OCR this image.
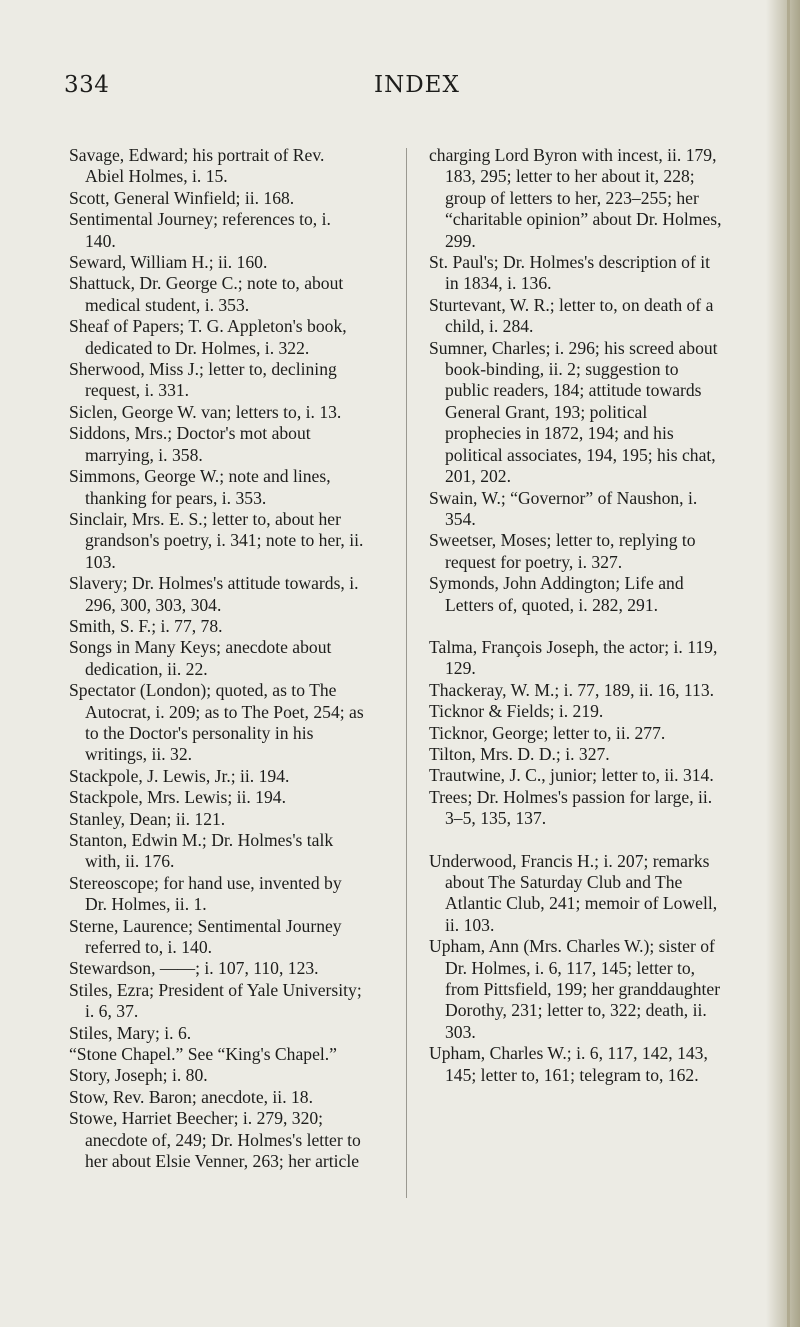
334	INDEX
Savage, Edward; his portrait of Rev. Abiel Holmes, i. 15.
Scott, General Winfield; ii. 168.
Sentimental Journey; references to, i. 140.
Seward, William H.; ii. 160.
Shattuck, Dr. George C.; note to, about medical student, i. 353.
Sheaf of Papers; T. G. Appleton's book, dedicated to Dr. Holmes, i. 322.
Sherwood, Miss J.; letter to, declining request, i. 331.
Siclen, George W. van; letters to, i. 13.
Siddons, Mrs.; Doctor's mot about marrying, i. 358.
Simmons, George W.; note and lines, thanking for pears, i. 353.
Sinclair, Mrs. E. S.; letter to, about her grandson's poetry, i. 341; note to her, ii. 103.
Slavery; Dr. Holmes's attitude towards, i. 296, 300, 303, 304.
Smith, S. F.; i. 77, 78.
Songs in Many Keys; anecdote about dedication, ii. 22.
Spectator (London); quoted, as to The Autocrat, i. 209; as to The Poet, 254; as to the Doctor's personality in his writings, ii. 32.
Stackpole, J. Lewis, Jr.; ii. 194.
Stackpole, Mrs. Lewis; ii. 194.
Stanley, Dean; ii. 121.
Stanton, Edwin M.; Dr. Holmes's talk with, ii. 176.
Stereoscope; for hand use, invented by Dr. Holmes, ii. 1.
Sterne, Laurence; Sentimental Journey referred to, i. 140.
Stewardson, ——; i. 107, 110, 123.
Stiles, Ezra; President of Yale University; i. 6, 37.
Stiles, Mary; i. 6.
“Stone Chapel.” See “King's Chapel.”
Story, Joseph; i. 80.
Stow, Rev. Baron; anecdote, ii. 18.
Stowe, Harriet Beecher; i. 279, 320; anecdote of, 249; Dr. Holmes's letter to her about Elsie Venner, 263; her article
charging Lord Byron with incest, ii. 179, 183, 295; letter to her about it, 228; group of letters to her, 223–255; her “charitable opinion” about Dr. Holmes, 299.
St. Paul's; Dr. Holmes's description of it in 1834, i. 136.
Sturtevant, W. R.; letter to, on death of a child, i. 284.
Sumner, Charles; i. 296; his screed about book-binding, ii. 2; suggestion to public readers, 184; attitude towards General Grant, 193; political prophecies in 1872, 194; and his political associates, 194, 195; his chat, 201, 202.
Swain, W.; “Governor” of Naushon, i. 354.
Sweetser, Moses; letter to, replying to request for poetry, i. 327.
Symonds, John Addington; Life and Letters of, quoted, i. 282, 291.
Talma, François Joseph, the actor; i. 119, 129.
Thackeray, W. M.; i. 77, 189, ii. 16, 113.
Ticknor & Fields; i. 219.
Ticknor, George; letter to, ii. 277.
Tilton, Mrs. D. D.; i. 327.
Trautwine, J. C., junior; letter to, ii. 314.
Trees; Dr. Holmes's passion for large, ii. 3–5, 135, 137.
Underwood, Francis H.; i. 207; remarks about The Saturday Club and The Atlantic Club, 241; memoir of Lowell, ii. 103.
Upham, Ann (Mrs. Charles W.); sister of Dr. Holmes, i. 6, 117, 145; letter to, from Pittsfield, 199; her granddaughter Dorothy, 231; letter to, 322; death, ii. 303.
Upham, Charles W.; i. 6, 117, 142, 143, 145; letter to, 161; telegram to, 162.
